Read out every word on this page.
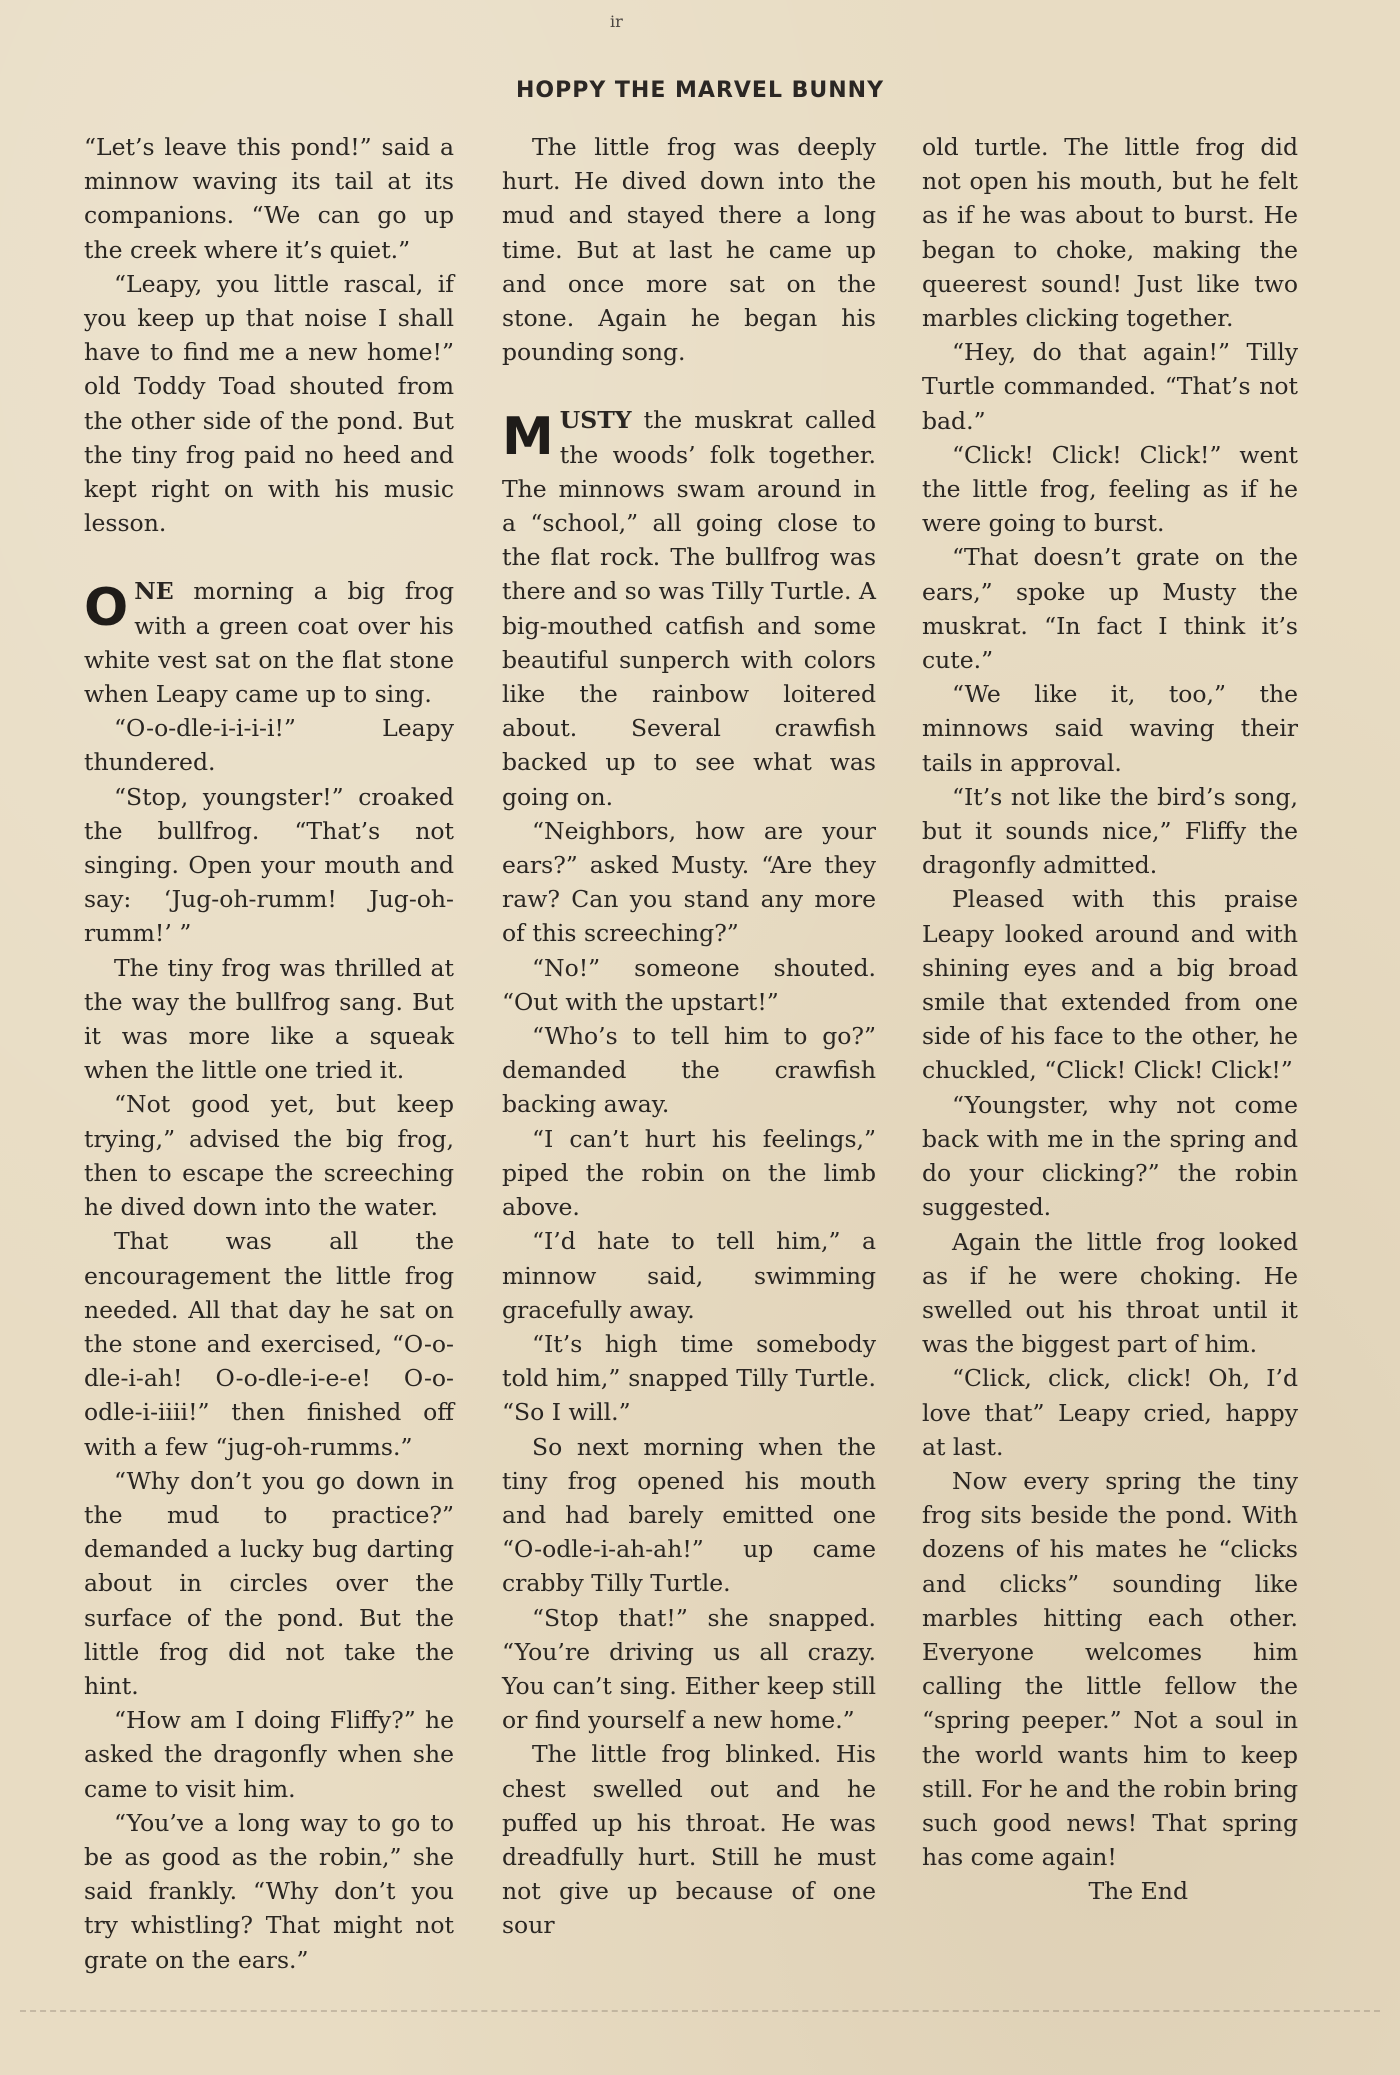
ir
HOPPY THE MARVEL BUNNY

“Let’s leave this pond!” said a minnow waving its tail at its companions. “We can go up the creek where it’s quiet.”

“Leapy, you little rascal, if you keep up that noise I shall have to find me a new home!” old Toddy Toad shouted from the other side of the pond. But the tiny frog paid no heed and kept right on with his music lesson.

ONE morning a big frog with a green coat over his white vest sat on the flat stone when Leapy came up to sing.

“O-o-dle-i-i-i-i!” Leapy thundered.

“Stop, youngster!” croaked the bullfrog. “That’s not singing. Open your mouth and say: ‘Jug-oh-rumm! Jug-oh-rumm!’ ”

The tiny frog was thrilled at the way the bullfrog sang. But it was more like a squeak when the little one tried it.

“Not good yet, but keep trying,” advised the big frog, then to escape the screeching he dived down into the water.

That was all the encouragement the little frog needed. All that day he sat on the stone and exercised, “O-o-dle-i-ah! O-o-dle-i-e-e! O-o-odle-i-iiii!” then finished off with a few “jug-oh-rumms.”

“Why don’t you go down in the mud to practice?” demanded a lucky bug darting about in circles over the surface of the pond. But the little frog did not take the hint.

“How am I doing Fliffy?” he asked the dragonfly when she came to visit him.

“You’ve a long way to go to be as good as the robin,” she said frankly. “Why don’t you try whistling? That might not grate on the ears.”

The little frog was deeply hurt. He dived down into the mud and stayed there a long time. But at last he came up and once more sat on the stone. Again he began his pounding song.

MUSTY the muskrat called the woods’ folk together. The minnows swam around in a “school,” all going close to the flat rock. The bullfrog was there and so was Tilly Turtle. A big-mouthed catfish and some beautiful sunperch with colors like the rainbow loitered about. Several crawfish backed up to see what was going on.

“Neighbors, how are your ears?” asked Musty. “Are they raw? Can you stand any more of this screeching?”

“No!” someone shouted. “Out with the upstart!”

“Who’s to tell him to go?” demanded the crawfish backing away.

“I can’t hurt his feelings,” piped the robin on the limb above.

“I’d hate to tell him,” a minnow said, swimming gracefully away.

“It’s high time somebody told him,” snapped Tilly Turtle. “So I will.”

So next morning when the tiny frog opened his mouth and had barely emitted one “O-odle-i-ah-ah!” up came crabby Tilly Turtle.

“Stop that!” she snapped. “You’re driving us all crazy. You can’t sing. Either keep still or find yourself a new home.”

The little frog blinked. His chest swelled out and he puffed up his throat. He was dreadfully hurt. Still he must not give up because of one sour

old turtle. The little frog did not open his mouth, but he felt as if he was about to burst. He began to choke, making the queerest sound! Just like two marbles clicking together.

“Hey, do that again!” Tilly Turtle commanded. “That’s not bad.”

“Click! Click! Click!” went the little frog, feeling as if he were going to burst.

“That doesn’t grate on the ears,” spoke up Musty the muskrat. “In fact I think it’s cute.”

“We like it, too,” the minnows said waving their tails in approval.

“It’s not like the bird’s song, but it sounds nice,” Fliffy the dragonfly admitted.

Pleased with this praise Leapy looked around and with shining eyes and a big broad smile that extended from one side of his face to the other, he chuckled, “Click! Click! Click!”

“Youngster, why not come back with me in the spring and do your clicking?” the robin suggested.

Again the little frog looked as if he were choking. He swelled out his throat until it was the biggest part of him.

“Click, click, click! Oh, I’d love that” Leapy cried, happy at last.

Now every spring the tiny frog sits beside the pond. With dozens of his mates he “clicks and clicks” sounding like marbles hitting each other. Everyone welcomes him calling the little fellow the “spring peeper.” Not a soul in the world wants him to keep still. For he and the robin bring such good news! That spring has come again!

The End
